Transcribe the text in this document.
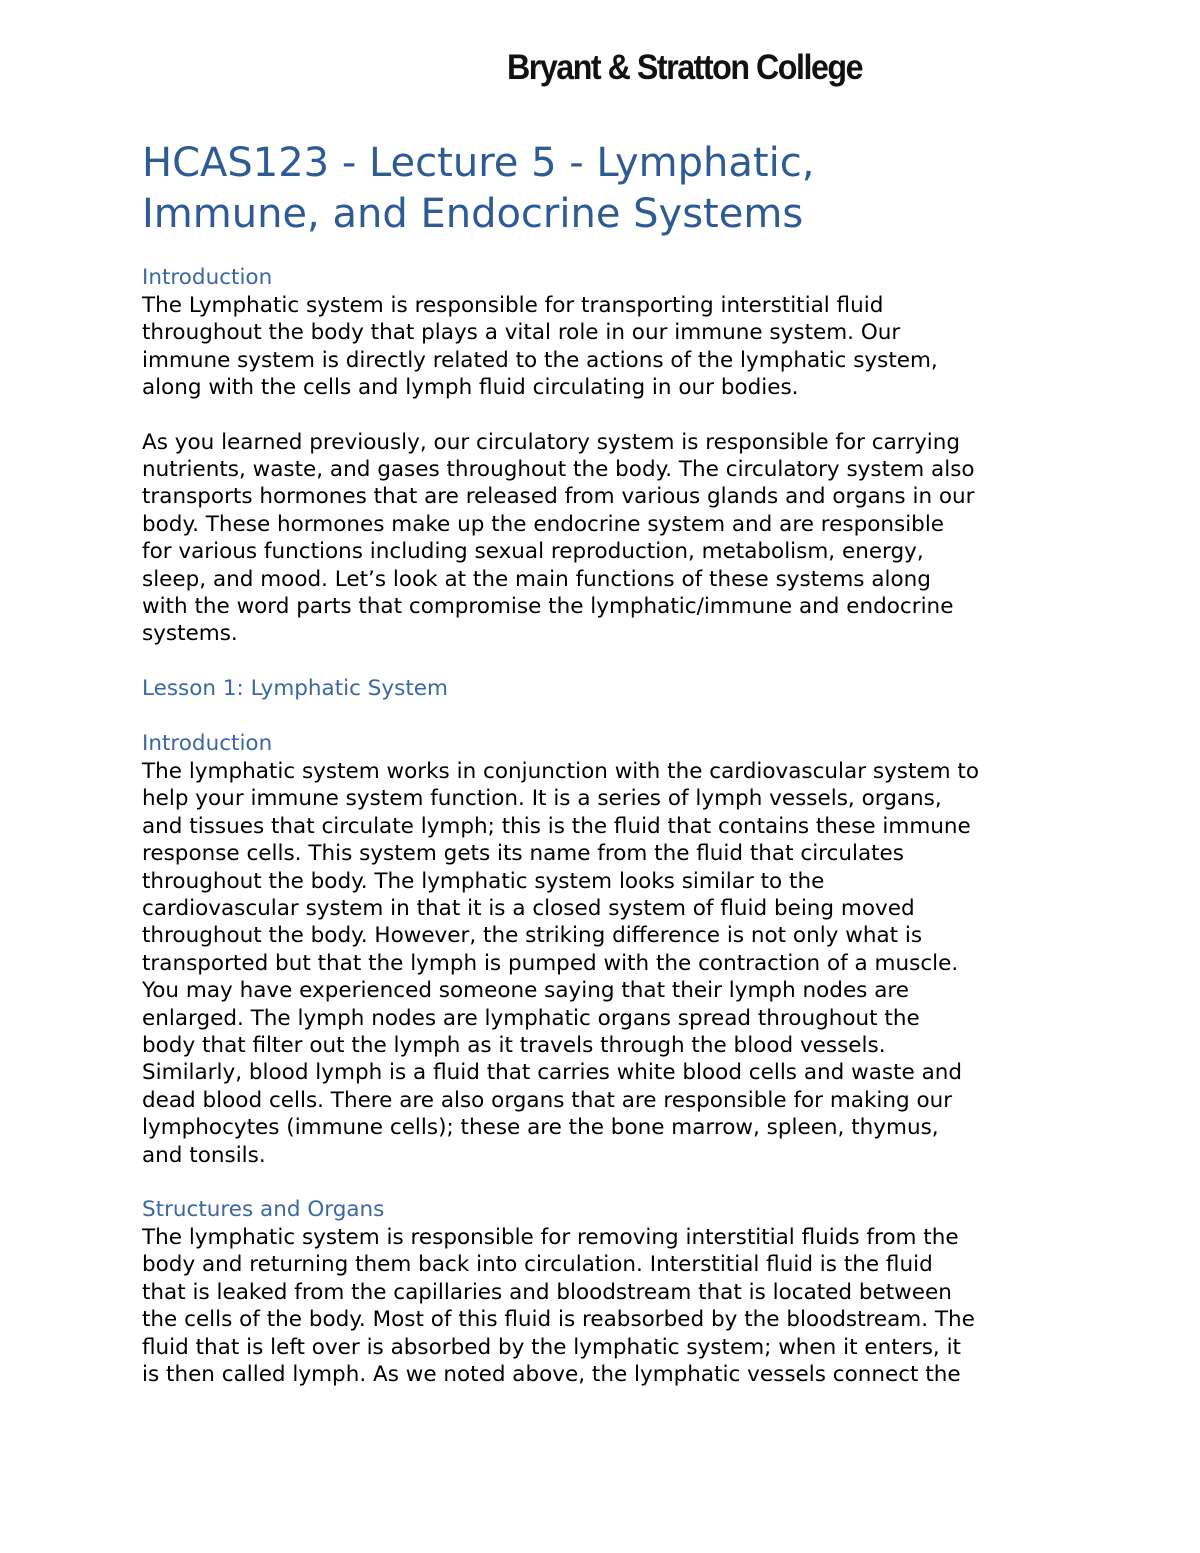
Bryant & Stratton College
HCAS123 - Lecture 5 - Lymphatic,
Immune, and Endocrine Systems
Introduction
The Lymphatic system is responsible for transporting interstitial fluid
throughout the body that plays a vital role in our immune system. Our
immune system is directly related to the actions of the lymphatic system,
along with the cells and lymph fluid circulating in our bodies.
As you learned previously, our circulatory system is responsible for carrying
nutrients, waste, and gases throughout the body. The circulatory system also
transports hormones that are released from various glands and organs in our
body. These hormones make up the endocrine system and are responsible
for various functions including sexual reproduction, metabolism, energy,
sleep, and mood. Let’s look at the main functions of these systems along
with the word parts that compromise the lymphatic/immune and endocrine
systems.
Lesson 1: Lymphatic System
Introduction
The lymphatic system works in conjunction with the cardiovascular system to
help your immune system function. It is a series of lymph vessels, organs,
and tissues that circulate lymph; this is the fluid that contains these immune
response cells. This system gets its name from the fluid that circulates
throughout the body. The lymphatic system looks similar to the
cardiovascular system in that it is a closed system of fluid being moved
throughout the body. However, the striking difference is not only what is
transported but that the lymph is pumped with the contraction of a muscle.
You may have experienced someone saying that their lymph nodes are
enlarged. The lymph nodes are lymphatic organs spread throughout the
body that filter out the lymph as it travels through the blood vessels.
Similarly, blood lymph is a fluid that carries white blood cells and waste and
dead blood cells. There are also organs that are responsible for making our
lymphocytes (immune cells); these are the bone marrow, spleen, thymus,
and tonsils.
Structures and Organs
The lymphatic system is responsible for removing interstitial fluids from the
body and returning them back into circulation. Interstitial fluid is the fluid
that is leaked from the capillaries and bloodstream that is located between
the cells of the body. Most of this fluid is reabsorbed by the bloodstream. The
fluid that is left over is absorbed by the lymphatic system; when it enters, it
is then called lymph. As we noted above, the lymphatic vessels connect the
